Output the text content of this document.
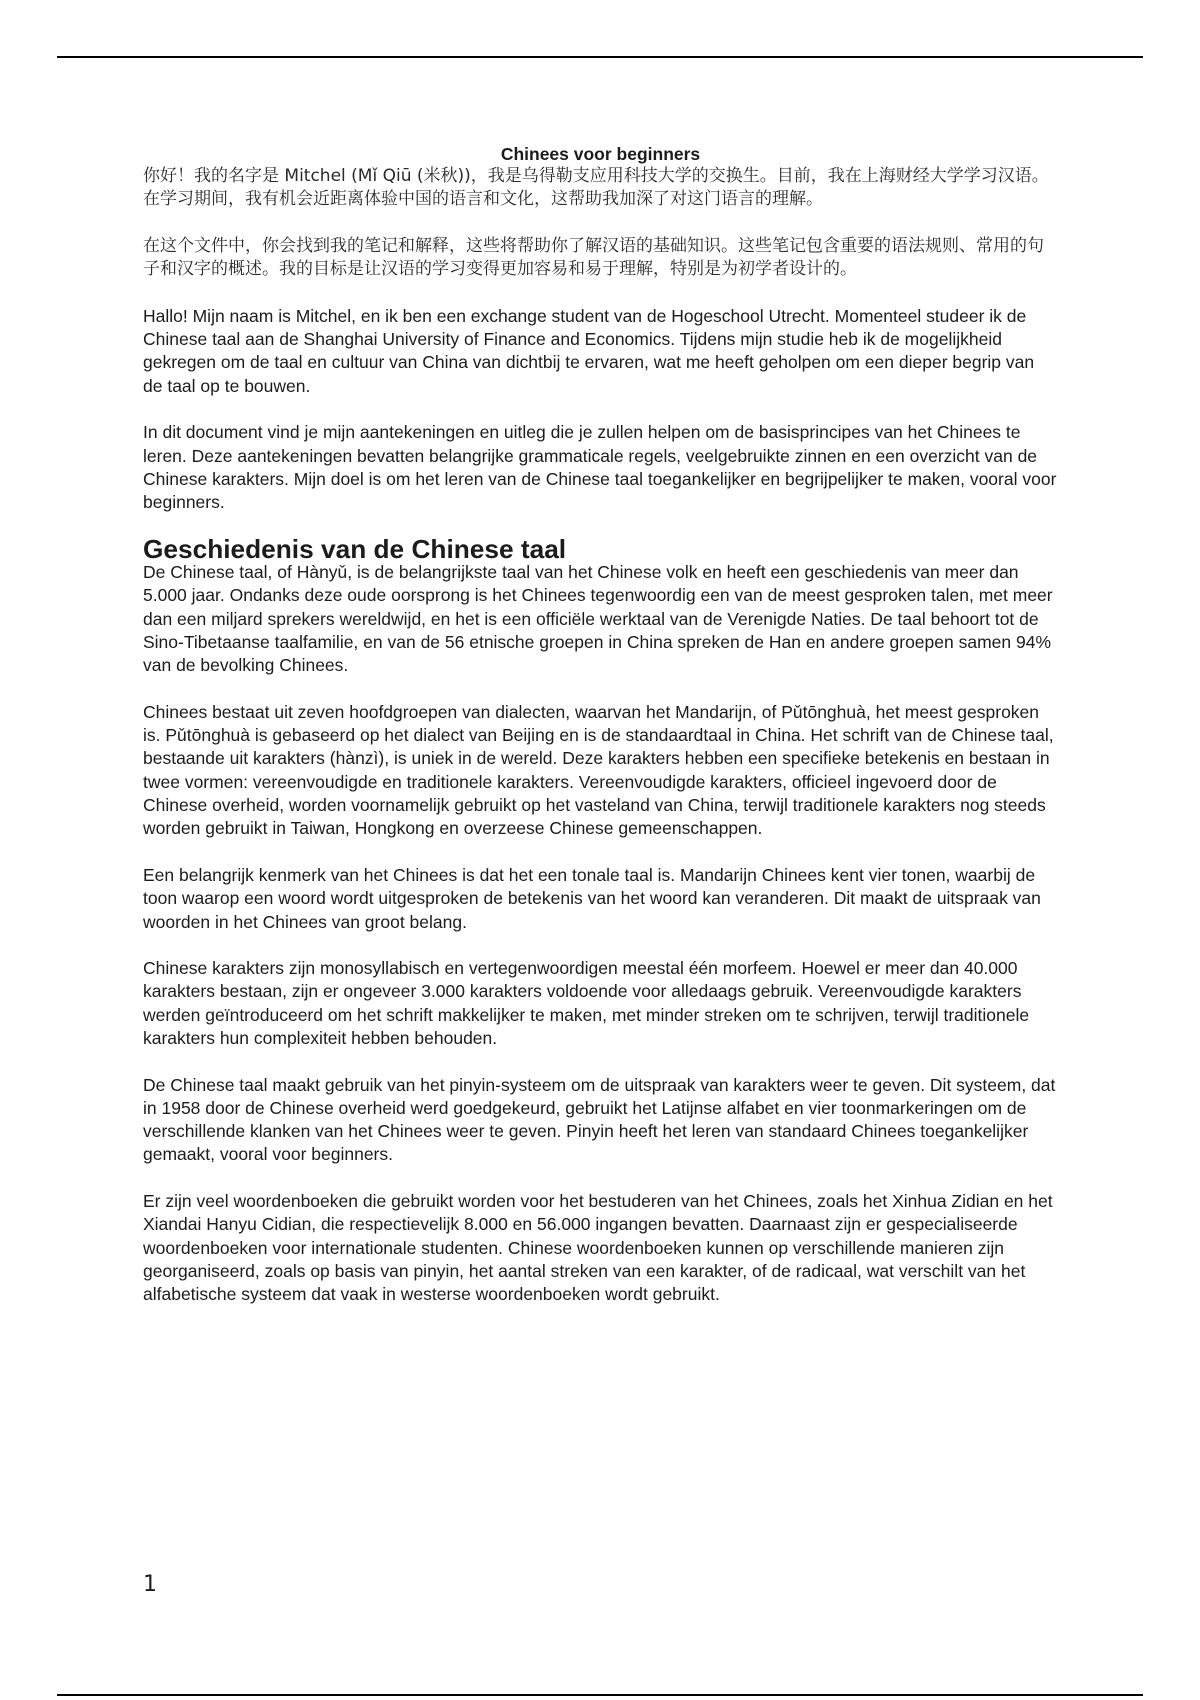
Chinees voor beginners

你好！我的名字是 Mitchel (Mǐ Qiū (米秋))，我是乌得勒支应用科技大学的交换生。目前，我在上海财经大学学习汉语。在学习期间，我有机会近距离体验中国的语言和文化，这帮助我加深了对这门语言的理解。

在这个文件中，你会找到我的笔记和解释，这些将帮助你了解汉语的基础知识。这些笔记包含重要的语法规则、常用的句子和汉字的概述。我的目标是让汉语的学习变得更加容易和易于理解，特别是为初学者设计的。

Hallo! Mijn naam is Mitchel, en ik ben een exchange student van de Hogeschool Utrecht. Momenteel studeer ik de Chinese taal aan de Shanghai University of Finance and Economics. Tijdens mijn studie heb ik de mogelijkheid gekregen om de taal en cultuur van China van dichtbij te ervaren, wat me heeft geholpen om een dieper begrip van de taal op te bouwen.

In dit document vind je mijn aantekeningen en uitleg die je zullen helpen om de basisprincipes van het Chinees te leren. Deze aantekeningen bevatten belangrijke grammaticale regels, veelgebruikte zinnen en een overzicht van de Chinese karakters. Mijn doel is om het leren van de Chinese taal toegankelijker en begrijpelijker te maken, vooral voor beginners.

Geschiedenis van de Chinese taal

De Chinese taal, of Hànyǔ, is de belangrijkste taal van het Chinese volk en heeft een geschiedenis van meer dan 5.000 jaar. Ondanks deze oude oorsprong is het Chinees tegenwoordig een van de meest gesproken talen, met meer dan een miljard sprekers wereldwijd, en het is een officiële werktaal van de Verenigde Naties. De taal behoort tot de Sino-Tibetaanse taalfamilie, en van de 56 etnische groepen in China spreken de Han en andere groepen samen 94% van de bevolking Chinees.

Chinees bestaat uit zeven hoofdgroepen van dialecten, waarvan het Mandarijn, of Pǔtōnghuà, het meest gesproken is. Pǔtōnghuà is gebaseerd op het dialect van Beijing en is de standaardtaal in China. Het schrift van de Chinese taal, bestaande uit karakters (hànzì), is uniek in de wereld. Deze karakters hebben een specifieke betekenis en bestaan in twee vormen: vereenvoudigde en traditionele karakters. Vereenvoudigde karakters, officieel ingevoerd door de Chinese overheid, worden voornamelijk gebruikt op het vasteland van China, terwijl traditionele karakters nog steeds worden gebruikt in Taiwan, Hongkong en overzeese Chinese gemeenschappen.

Een belangrijk kenmerk van het Chinees is dat het een tonale taal is. Mandarijn Chinees kent vier tonen, waarbij de toon waarop een woord wordt uitgesproken de betekenis van het woord kan veranderen. Dit maakt de uitspraak van woorden in het Chinees van groot belang.

Chinese karakters zijn monosyllabisch en vertegenwoordigen meestal één morfeem. Hoewel er meer dan 40.000 karakters bestaan, zijn er ongeveer 3.000 karakters voldoende voor alledaags gebruik. Vereenvoudigde karakters werden geïntroduceerd om het schrift makkelijker te maken, met minder streken om te schrijven, terwijl traditionele karakters hun complexiteit hebben behouden.

De Chinese taal maakt gebruik van het pinyin-systeem om de uitspraak van karakters weer te geven. Dit systeem, dat in 1958 door de Chinese overheid werd goedgekeurd, gebruikt het Latijnse alfabet en vier toonmarkeringen om de verschillende klanken van het Chinees weer te geven. Pinyin heeft het leren van standaard Chinees toegankelijker gemaakt, vooral voor beginners.

Er zijn veel woordenboeken die gebruikt worden voor het bestuderen van het Chinees, zoals het Xinhua Zidian en het Xiandai Hanyu Cidian, die respectievelijk 8.000 en 56.000 ingangen bevatten. Daarnaast zijn er gespecialiseerde woordenboeken voor internationale studenten. Chinese woordenboeken kunnen op verschillende manieren zijn georganiseerd, zoals op basis van pinyin, het aantal streken van een karakter, of de radicaal, wat verschilt van het alfabetische systeem dat vaak in westerse woordenboeken wordt gebruikt.

1
